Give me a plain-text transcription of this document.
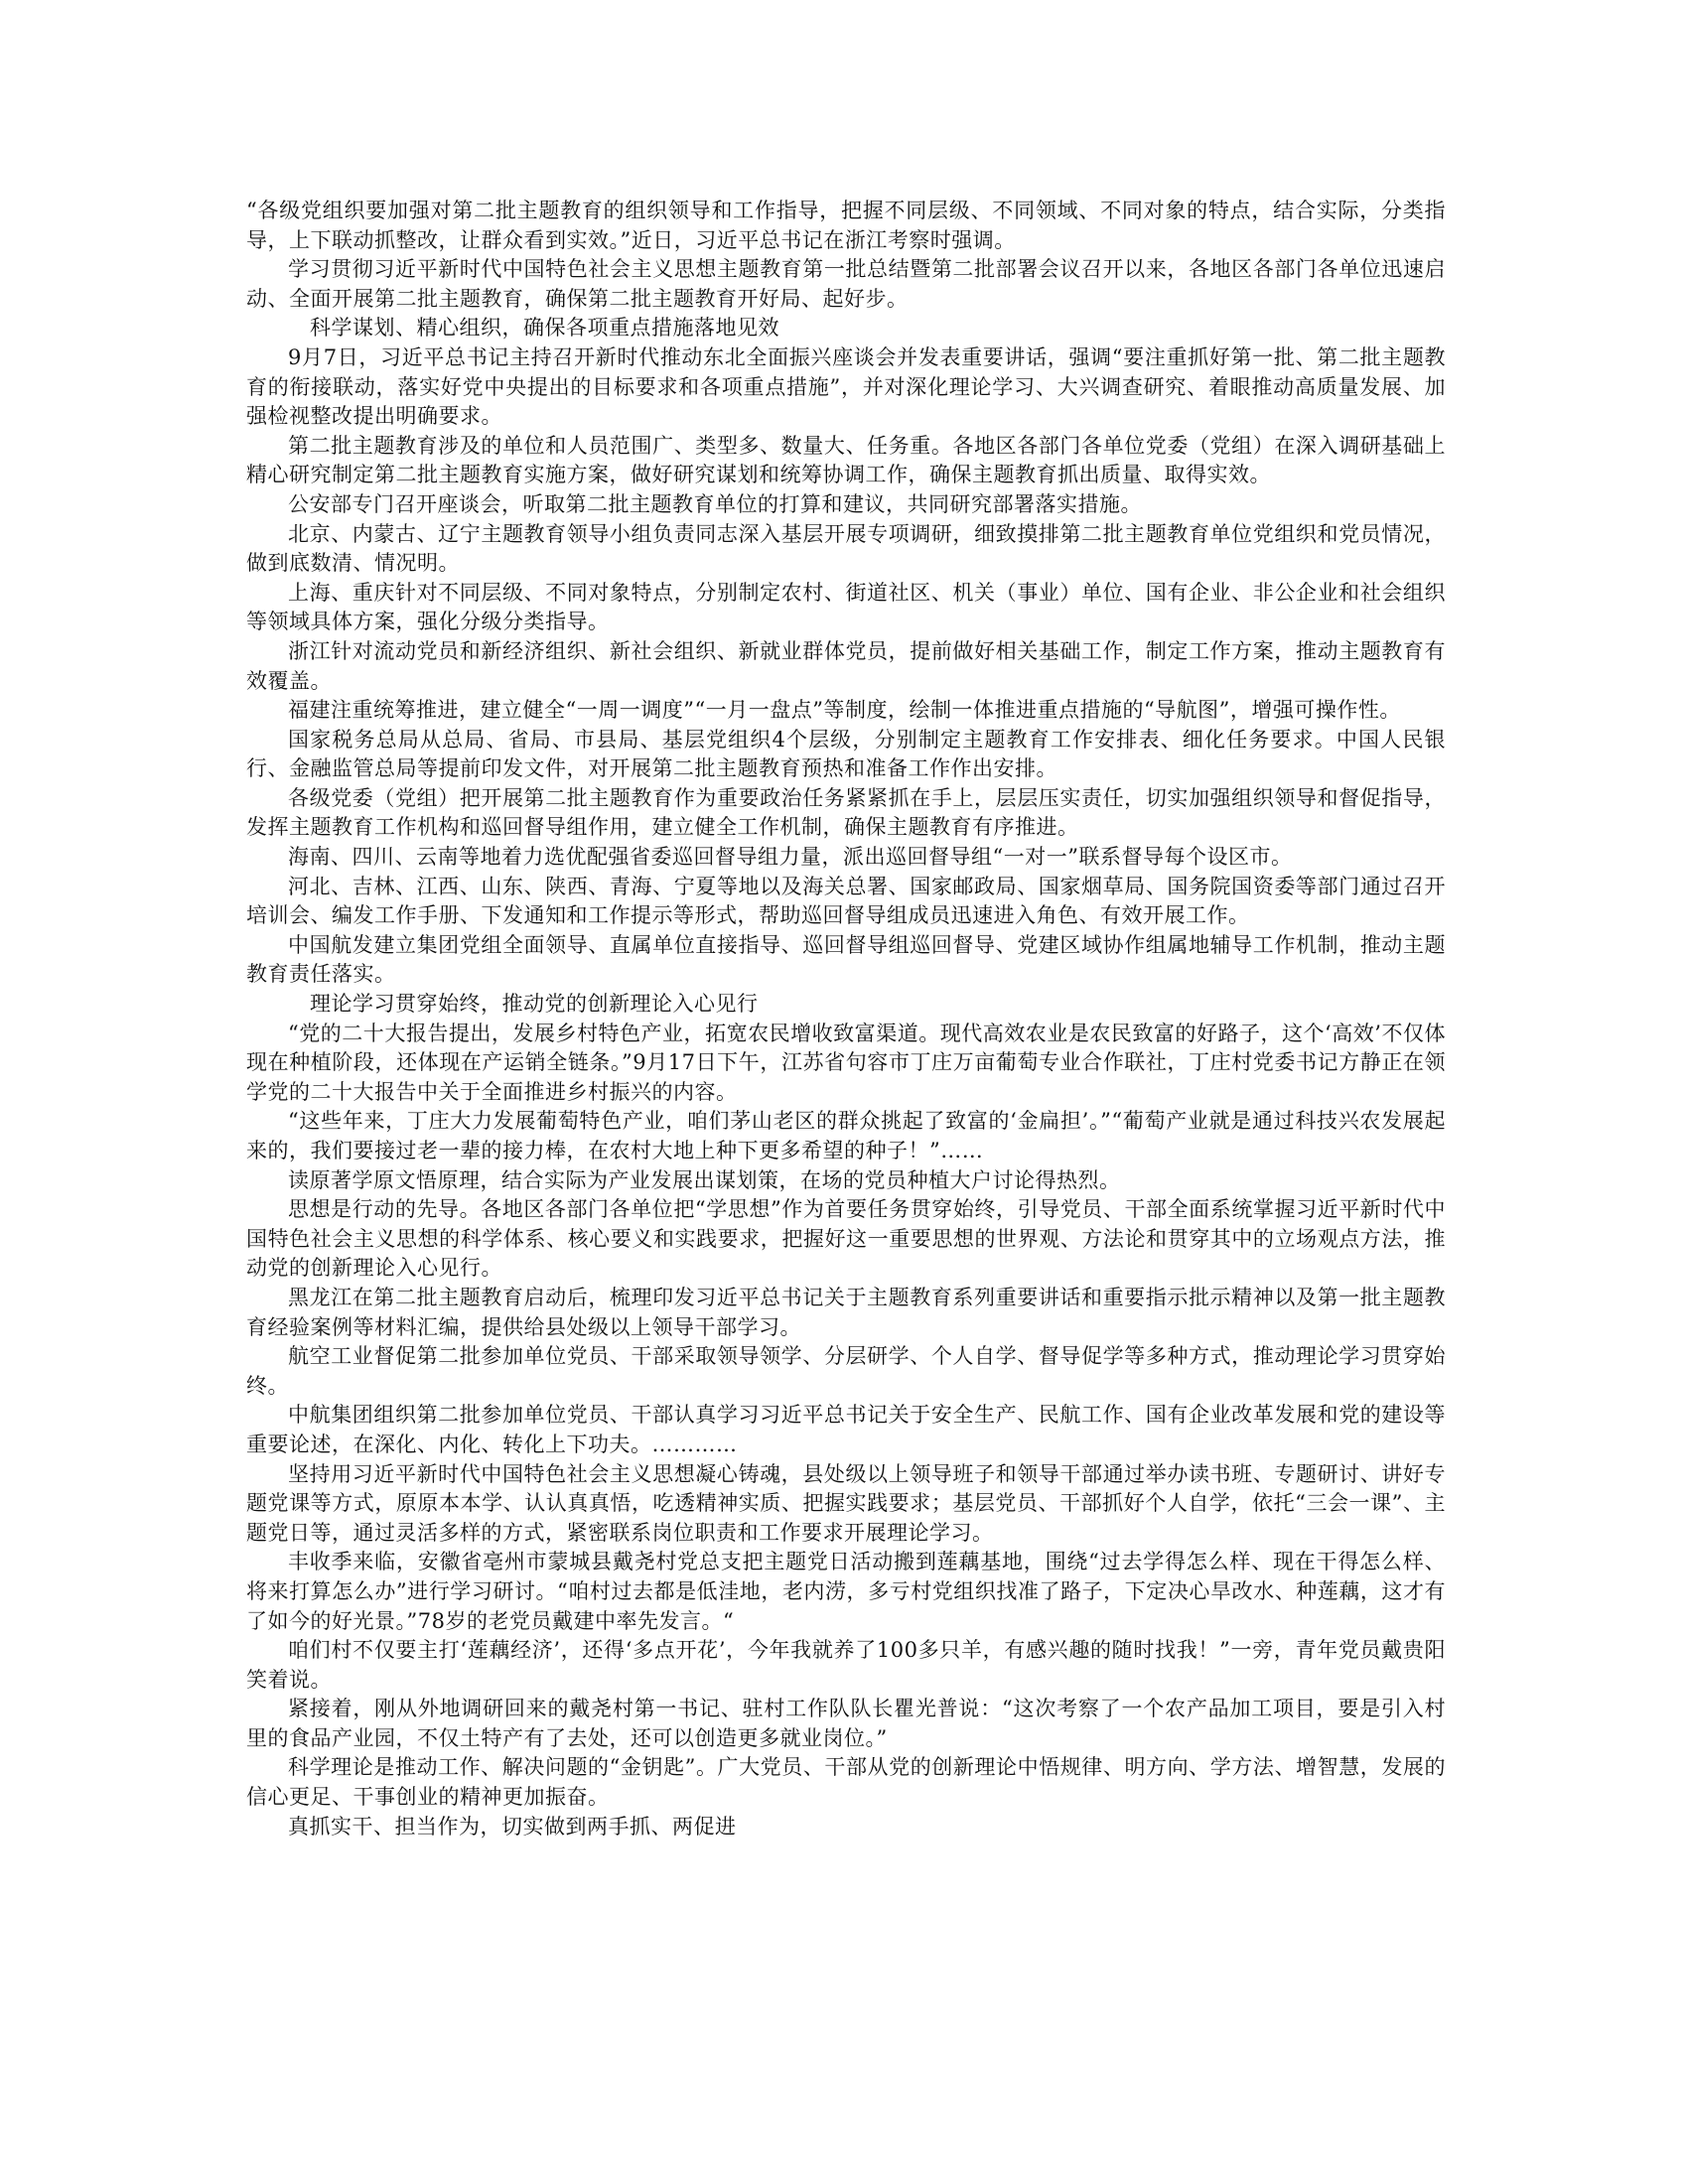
“各级党组织要加强对第二批主题教育的组织领导和工作指导，把握不同层级、不同领域、不同对象的特点，结合实际，分类指导，上下联动抓整改，让群众看到实效。”近日，习近平总书记在浙江考察时强调。

学习贯彻习近平新时代中国特色社会主义思想主题教育第一批总结暨第二批部署会议召开以来，各地区各部门各单位迅速启动、全面开展第二批主题教育，确保第二批主题教育开好局、起好步。

科学谋划、精心组织，确保各项重点措施落地见效

9月7日，习近平总书记主持召开新时代推动东北全面振兴座谈会并发表重要讲话，强调“要注重抓好第一批、第二批主题教育的衔接联动，落实好党中央提出的目标要求和各项重点措施”，并对深化理论学习、大兴调查研究、着眼推动高质量发展、加强检视整改提出明确要求。

第二批主题教育涉及的单位和人员范围广、类型多、数量大、任务重。各地区各部门各单位党委（党组）在深入调研基础上精心研究制定第二批主题教育实施方案，做好研究谋划和统筹协调工作，确保主题教育抓出质量、取得实效。

公安部专门召开座谈会，听取第二批主题教育单位的打算和建议，共同研究部署落实措施。

北京、内蒙古、辽宁主题教育领导小组负责同志深入基层开展专项调研，细致摸排第二批主题教育单位党组织和党员情况，做到底数清、情况明。

上海、重庆针对不同层级、不同对象特点，分别制定农村、街道社区、机关（事业）单位、国有企业、非公企业和社会组织等领域具体方案，强化分级分类指导。

浙江针对流动党员和新经济组织、新社会组织、新就业群体党员，提前做好相关基础工作，制定工作方案，推动主题教育有效覆盖。

福建注重统筹推进，建立健全“一周一调度”“一月一盘点”等制度，绘制一体推进重点措施的“导航图”，增强可操作性。

国家税务总局从总局、省局、市县局、基层党组织4个层级，分别制定主题教育工作安排表、细化任务要求。中国人民银行、金融监管总局等提前印发文件，对开展第二批主题教育预热和准备工作作出安排。

各级党委（党组）把开展第二批主题教育作为重要政治任务紧紧抓在手上，层层压实责任，切实加强组织领导和督促指导，发挥主题教育工作机构和巡回督导组作用，建立健全工作机制，确保主题教育有序推进。

海南、四川、云南等地着力选优配强省委巡回督导组力量，派出巡回督导组“一对一”联系督导每个设区市。

河北、吉林、江西、山东、陕西、青海、宁夏等地以及海关总署、国家邮政局、国家烟草局、国务院国资委等部门通过召开培训会、编发工作手册、下发通知和工作提示等形式，帮助巡回督导组成员迅速进入角色、有效开展工作。

中国航发建立集团党组全面领导、直属单位直接指导、巡回督导组巡回督导、党建区域协作组属地辅导工作机制，推动主题教育责任落实。

理论学习贯穿始终，推动党的创新理论入心见行

“党的二十大报告提出，发展乡村特色产业，拓宽农民增收致富渠道。现代高效农业是农民致富的好路子，这个‘高效’不仅体现在种植阶段，还体现在产运销全链条。”9月17日下午，江苏省句容市丁庄万亩葡萄专业合作联社，丁庄村党委书记方静正在领学党的二十大报告中关于全面推进乡村振兴的内容。

“这些年来，丁庄大力发展葡萄特色产业，咱们茅山老区的群众挑起了致富的‘金扁担’。”“葡萄产业就是通过科技兴农发展起来的，我们要接过老一辈的接力棒，在农村大地上种下更多希望的种子！”……

读原著学原文悟原理，结合实际为产业发展出谋划策，在场的党员种植大户讨论得热烈。

思想是行动的先导。各地区各部门各单位把“学思想”作为首要任务贯穿始终，引导党员、干部全面系统掌握习近平新时代中国特色社会主义思想的科学体系、核心要义和实践要求，把握好这一重要思想的世界观、方法论和贯穿其中的立场观点方法，推动党的创新理论入心见行。

黑龙江在第二批主题教育启动后，梳理印发习近平总书记关于主题教育系列重要讲话和重要指示批示精神以及第一批主题教育经验案例等材料汇编，提供给县处级以上领导干部学习。

航空工业督促第二批参加单位党员、干部采取领导领学、分层研学、个人自学、督导促学等多种方式，推动理论学习贯穿始终。

中航集团组织第二批参加单位党员、干部认真学习习近平总书记关于安全生产、民航工作、国有企业改革发展和党的建设等重要论述，在深化、内化、转化上下功夫。…………

坚持用习近平新时代中国特色社会主义思想凝心铸魂，县处级以上领导班子和领导干部通过举办读书班、专题研讨、讲好专题党课等方式，原原本本学、认认真真悟，吃透精神实质、把握实践要求；基层党员、干部抓好个人自学，依托“三会一课”、主题党日等，通过灵活多样的方式，紧密联系岗位职责和工作要求开展理论学习。

丰收季来临，安徽省亳州市蒙城县戴尧村党总支把主题党日活动搬到莲藕基地，围绕“过去学得怎么样、现在干得怎么样、将来打算怎么办”进行学习研讨。“咱村过去都是低洼地，老内涝，多亏村党组织找准了路子，下定决心旱改水、种莲藕，这才有了如今的好光景。”78岁的老党员戴建中率先发言。“

咱们村不仅要主打‘莲藕经济’，还得‘多点开花’，今年我就养了100多只羊，有感兴趣的随时找我！”一旁，青年党员戴贵阳笑着说。

紧接着，刚从外地调研回来的戴尧村第一书记、驻村工作队队长瞿光普说：“这次考察了一个农产品加工项目，要是引入村里的食品产业园，不仅土特产有了去处，还可以创造更多就业岗位。”

科学理论是推动工作、解决问题的“金钥匙”。广大党员、干部从党的创新理论中悟规律、明方向、学方法、增智慧，发展的信心更足、干事创业的精神更加振奋。

真抓实干、担当作为，切实做到两手抓、两促进
